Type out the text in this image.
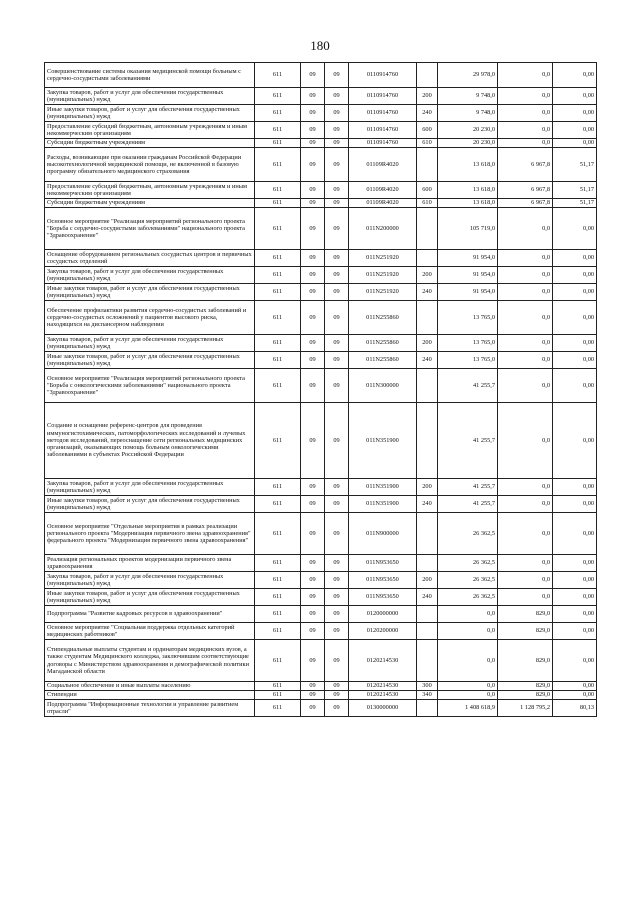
180
Совершенствование системы оказания медицинской помощи больным с сердечно-сосудистыми заболеваниями	611	09	09	0110914760		29 978,0	0,0	0,00
Закупка товаров, работ и услуг для обеспечения государственных (муниципальных) нужд	611	09	09	0110914760	200	9 748,0	0,0	0,00
Иные закупки товаров, работ и услуг для обеспечения государственных (муниципальных) нужд	611	09	09	0110914760	240	9 748,0	0,0	0,00
Предоставление субсидий бюджетным, автономным учреждениям и иным некоммерческим организациям	611	09	09	0110914760	600	20 230,0	0,0	0,00
Субсидии бюджетным учреждениям	611	09	09	0110914760	610	20 230,0	0,0	0,00
Расходы, возникающие при оказании гражданам Российской Федерации высокотехнологичной медицинской помощи, не включенной в базовую программу обязательного медицинского страхования	611	09	09	01109R4020		13 618,0	6 967,8	51,17
Предоставление субсидий бюджетным, автономным учреждениям и иным некоммерческим организациям	611	09	09	01109R4020	600	13 618,0	6 967,8	51,17
Субсидии бюджетным учреждениям	611	09	09	01109R4020	610	13 618,0	6 967,8	51,17
Основное мероприятие "Реализация мероприятий регионального проекта "Борьба с сердечно-сосудистыми заболеваниями" национального проекта "Здравоохранение"	611	09	09	011N200000		105 719,0	0,0	0,00
Оснащение оборудованием региональных сосудистых центров и первичных сосудистых отделений	611	09	09	011N251920		91 954,0	0,0	0,00
Закупка товаров, работ и услуг для обеспечения государственных (муниципальных) нужд	611	09	09	011N251920	200	91 954,0	0,0	0,00
Иные закупки товаров, работ и услуг для обеспечения государственных (муниципальных) нужд	611	09	09	011N251920	240	91 954,0	0,0	0,00
Обеспечение профилактики развития сердечно-сосудистых заболеваний и сердечно-сосудистых осложнений у пациентов высокого риска, находящихся на диспансерном наблюдении	611	09	09	011N255860		13 765,0	0,0	0,00
Закупка товаров, работ и услуг для обеспечения государственных (муниципальных) нужд	611	09	09	011N255860	200	13 765,0	0,0	0,00
Иные закупки товаров, работ и услуг для обеспечения государственных (муниципальных) нужд	611	09	09	011N255860	240	13 765,0	0,0	0,00
Основное мероприятие "Реализация мероприятий регионального проекта "Борьба с онкологическими заболеваниями" национального проекта "Здравоохранение"	611	09	09	011N300000		41 255,7	0,0	0,00
Создание и оснащение референс-центров для проведения иммуногистохимических, патоморфологических исследований и лучевых методов исследований, переоснащение сети региональных медицинских организаций, оказывающих помощь больным онкологическими заболеваниями в субъектах Российской Федерации	611	09	09	011N351900		41 255,7	0,0	0,00
Закупка товаров, работ и услуг для обеспечения государственных (муниципальных) нужд	611	09	09	011N351900	200	41 255,7	0,0	0,00
Иные закупки товаров, работ и услуг для обеспечения государственных (муниципальных) нужд	611	09	09	011N351900	240	41 255,7	0,0	0,00
Основное мероприятие "Отдельные мероприятия в рамках реализации регионального проекта "Модернизация первичного звена здравоохранения" федерального проекта "Модернизация первичного звена здравоохранения"	611	09	09	011N900000		26 362,5	0,0	0,00
Реализация региональных проектов модернизации первичного звена здравоохранения	611	09	09	011N953650		26 362,5	0,0	0,00
Закупка товаров, работ и услуг для обеспечения государственных (муниципальных) нужд	611	09	09	011N953650	200	26 362,5	0,0	0,00
Иные закупки товаров, работ и услуг для обеспечения государственных (муниципальных) нужд	611	09	09	011N953650	240	26 362,5	0,0	0,00
Подпрограмма "Развитие кадровых ресурсов в здравоохранении"	611	09	09	0120000000		0,0	829,0	0,00
Основное мероприятие "Социальная поддержка отдельных категорий медицинских работников"	611	09	09	0120200000		0,0	829,0	0,00
Стипендиальные выплаты студентам и ординаторам медицинских вузов, а также студентам Медицинского колледжа, заключившим соответствующие договоры с Министерством здравоохранения и демографической политики Магаданской области	611	09	09	0120214530		0,0	829,0	0,00
Социальное обеспечение и иные выплаты населению	611	09	09	0120214530	300	0,0	829,0	0,00
Стипендии	611	09	09	0120214530	340	0,0	829,0	0,00
Подпрограмма "Информационные технологии и управление развитием отрасли"	611	09	09	0130000000		1 408 618,9	1 128 795,2	80,13
